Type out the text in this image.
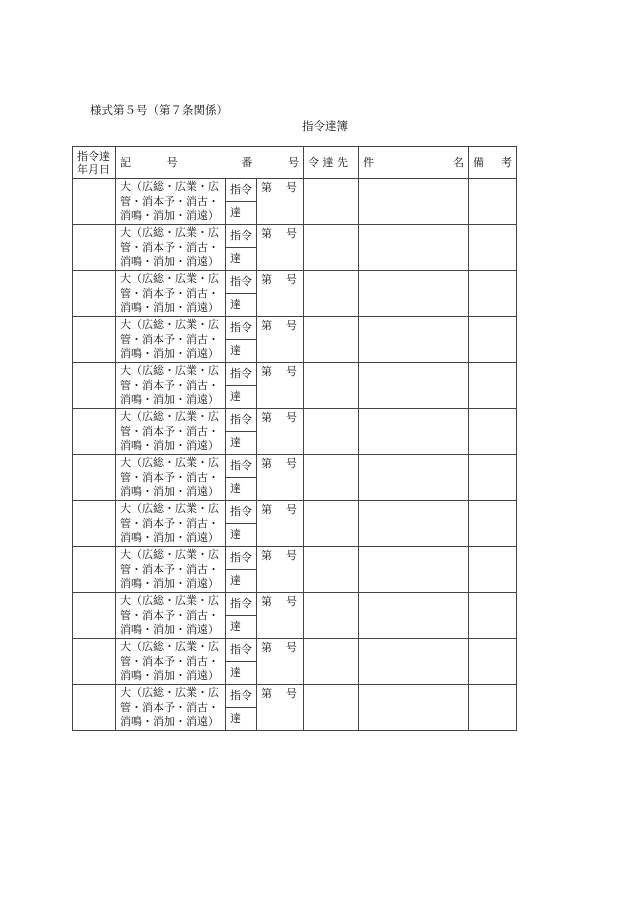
様式第５号（第７条関係）
指令達簿
指令達年月日	記 号 番 号			令 達 先	件 名	備 考

	大（広総・広業・広管・消本予・消古・消鳴・消加・消遠）	指令	第 号			

		達				
	大（広総・広業・広管・消本予・消古・消鳴・消加・消遠）	指令	第 号			

		達				
	大（広総・広業・広管・消本予・消古・消鳴・消加・消遠）	指令	第 号			

		達				
	大（広総・広業・広管・消本予・消古・消鳴・消加・消遠）	指令	第 号			

		達				
	大（広総・広業・広管・消本予・消古・消鳴・消加・消遠）	指令	第 号			

		達				
	大（広総・広業・広管・消本予・消古・消鳴・消加・消遠）	指令	第 号			

		達				
	大（広総・広業・広管・消本予・消古・消鳴・消加・消遠）	指令	第 号			

		達				
	大（広総・広業・広管・消本予・消古・消鳴・消加・消遠）	指令	第 号			

		達				
	大（広総・広業・広管・消本予・消古・消鳴・消加・消遠）	指令	第 号			

		達				
	大（広総・広業・広管・消本予・消古・消鳴・消加・消遠）	指令	第 号			

		達				
	大（広総・広業・広管・消本予・消古・消鳴・消加・消遠）	指令	第 号			

		達				
	大（広総・広業・広管・消本予・消古・消鳴・消加・消遠）	指令	第 号			

		達				
